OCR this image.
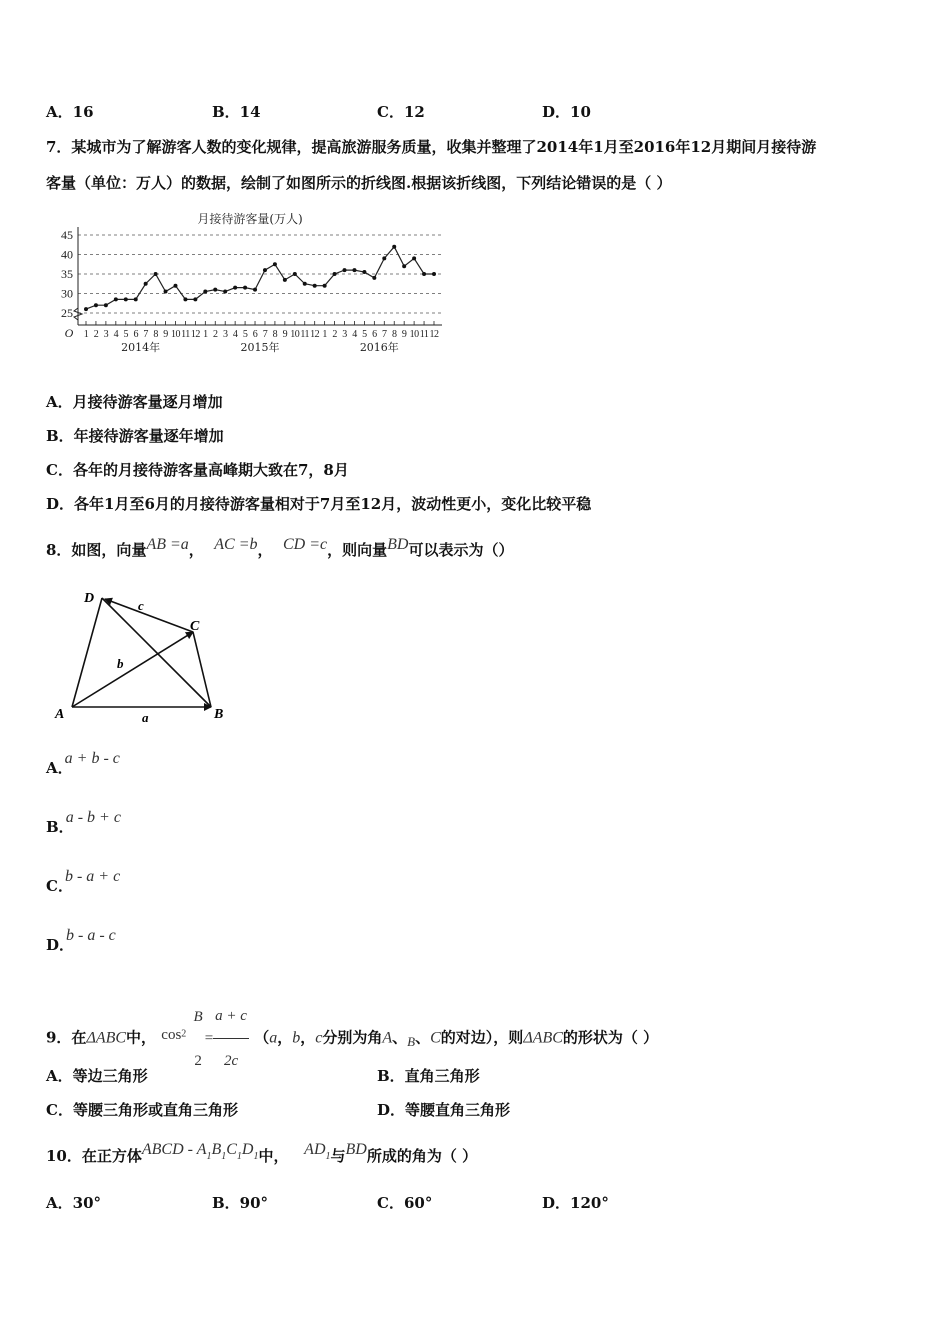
A．16	B．14	C．12	D．10
7．某城市为了解游客人数的变化规律，提高旅游服务质量，收集并整理了2014年1月至2016年12月期间月接待游
客量（单位：万人）的数据，绘制了如图所示的折线图.根据该折线图，下列结论错误的是（ ）
月接待游客量(万人)
25
30
35
40
45
1 2 3 4 5 6 7 8 9 10 11 12 1 2 3 4 5 6 7 8 9 10 11 12 1 2 3 4 5 6 7 8 9 10 11 12
O
2014年	2015年	2016年
A．月接待游客量逐月增加
B．年接待游客量逐年增加
C．各年的月接待游客量高峰期大致在7，8月
D．各年1月至6月的月接待游客量相对于7月至12月，波动性更小，变化比较平稳
8．如图，向量AB =a， AC =b， CD =c，则向量BD可以表示为（）
D
C
A	B
a
b
c
A．a + b - c
B．a - b + c
C．b - a + c
D．b - a - c
9．在ΔABC中， $\cos^2$
B
2
= $\frac{a + c}{2c} (a$，b，c分别为角A、B、C的对边），则ΔABC的形状为（ ）
A．等边三角形	B．直角三角形
C．等腰三角形或直角三角形	D．等腰直角三角形
10．在正方体ABCD - A1B1C1D1中， AD1与BD所成的角为（ ）
A．30°	B．90°	C．60°	D．120°
